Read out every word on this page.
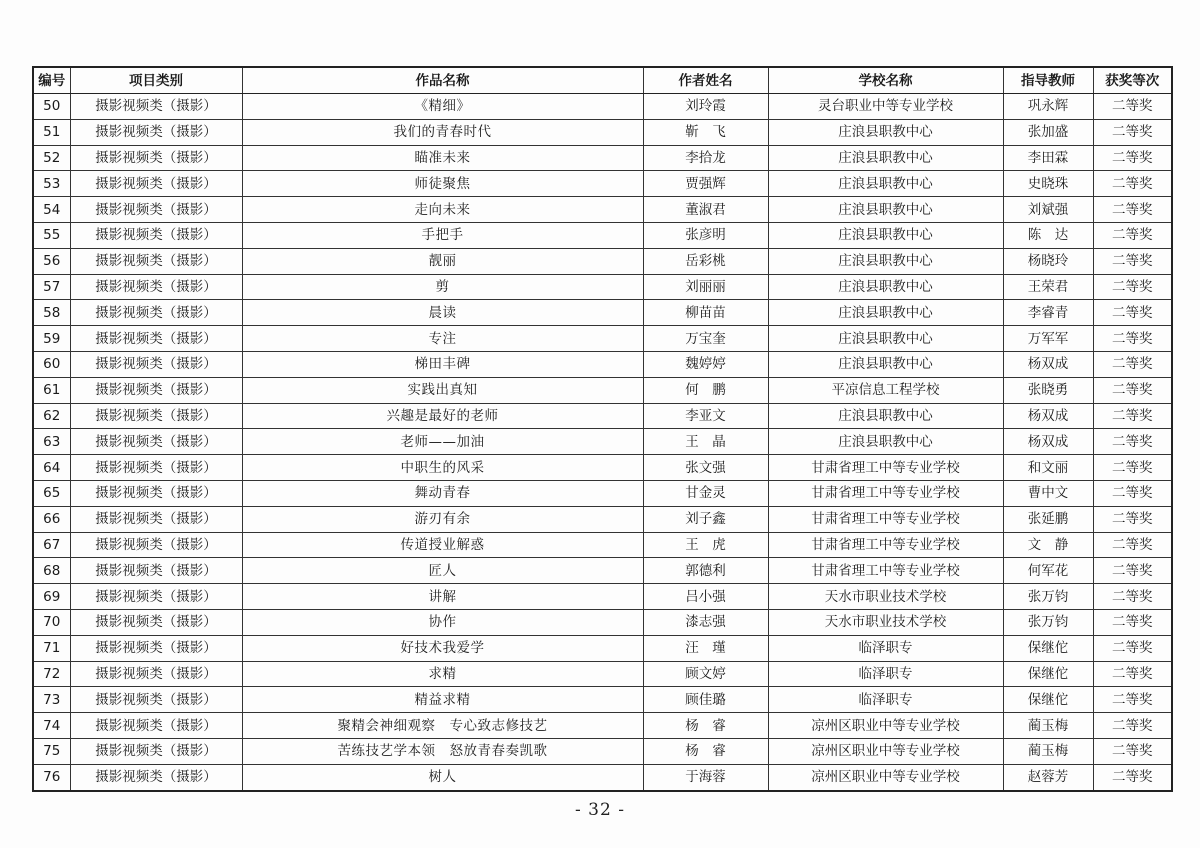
编号	项目类别	作品名称	作者姓名	学校名称	指导教师	获奖等次
50	摄影视频类（摄影）	《精细》	刘玲霞	灵台职业中等专业学校	巩永辉	二等奖
51	摄影视频类（摄影）	我们的青春时代	靳　飞	庄浪县职教中心	张加盛	二等奖
52	摄影视频类（摄影）	瞄准未来	李拾龙	庄浪县职教中心	李田霖	二等奖
53	摄影视频类（摄影）	师徒聚焦	贾强辉	庄浪县职教中心	史晓珠	二等奖
54	摄影视频类（摄影）	走向未来	董淑君	庄浪县职教中心	刘斌强	二等奖
55	摄影视频类（摄影）	手把手	张彦明	庄浪县职教中心	陈　达	二等奖
56	摄影视频类（摄影）	靓丽	岳彩桃	庄浪县职教中心	杨晓玲	二等奖
57	摄影视频类（摄影）	剪	刘丽丽	庄浪县职教中心	王荣君	二等奖
58	摄影视频类（摄影）	晨读	柳苗苗	庄浪县职教中心	李睿青	二等奖
59	摄影视频类（摄影）	专注	万宝奎	庄浪县职教中心	万军军	二等奖
60	摄影视频类（摄影）	梯田丰碑	魏婷婷	庄浪县职教中心	杨双成	二等奖
61	摄影视频类（摄影）	实践出真知	何　鹏	平凉信息工程学校	张晓勇	二等奖
62	摄影视频类（摄影）	兴趣是最好的老师	李亚文	庄浪县职教中心	杨双成	二等奖
63	摄影视频类（摄影）	老师——加油	王　晶	庄浪县职教中心	杨双成	二等奖
64	摄影视频类（摄影）	中职生的风采	张文强	甘肃省理工中等专业学校	和文丽	二等奖
65	摄影视频类（摄影）	舞动青春	甘金灵	甘肃省理工中等专业学校	曹中文	二等奖
66	摄影视频类（摄影）	游刃有余	刘子鑫	甘肃省理工中等专业学校	张延鹏	二等奖
67	摄影视频类（摄影）	传道授业解惑	王　虎	甘肃省理工中等专业学校	文　静	二等奖
68	摄影视频类（摄影）	匠人	郭德利	甘肃省理工中等专业学校	何军花	二等奖
69	摄影视频类（摄影）	讲解	吕小强	天水市职业技术学校	张万钧	二等奖
70	摄影视频类（摄影）	协作	漆志强	天水市职业技术学校	张万钧	二等奖
71	摄影视频类（摄影）	好技术我爱学	汪　瑾	临泽职专	保继佗	二等奖
72	摄影视频类（摄影）	求精	顾文婷	临泽职专	保继佗	二等奖
73	摄影视频类（摄影）	精益求精	顾佳璐	临泽职专	保继佗	二等奖
74	摄影视频类（摄影）	聚精会神细观察　专心致志修技艺	杨　睿	凉州区职业中等专业学校	蔺玉梅	二等奖
75	摄影视频类（摄影）	苦练技艺学本领　怒放青春奏凯歌	杨　睿	凉州区职业中等专业学校	蔺玉梅	二等奖
76	摄影视频类（摄影）	树人	于海蓉	凉州区职业中等专业学校	赵蓉芳	二等奖
- 32 -
